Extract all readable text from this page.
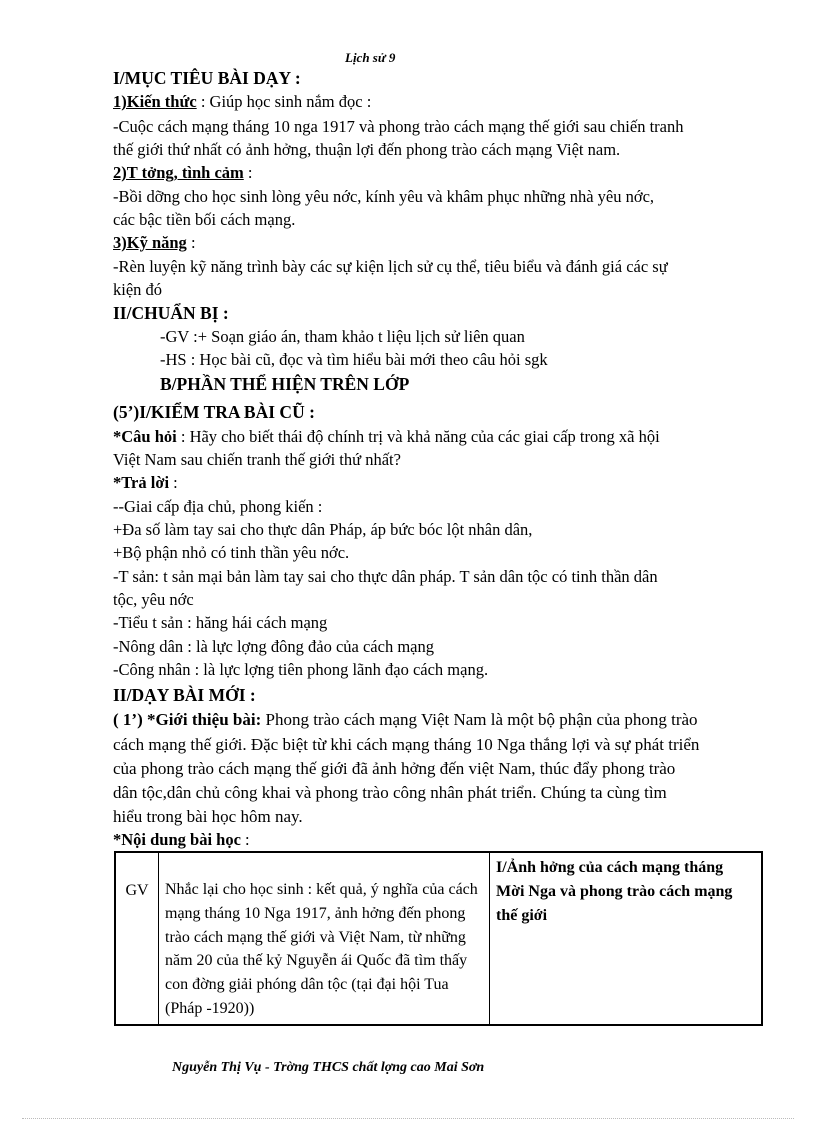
Lịch sử 9
I/MỤC TIÊU BÀI DẠY :
1)Kiến thức : Giúp học sinh nắm đọc :
-Cuộc cách mạng tháng 10 nga 1917 và phong trào cách mạng thế giới sau chiến tranh
thế giới thứ nhất có ảnh hởng, thuận lợi đến phong trào cách mạng Việt nam.
2)T tởng, tình cảm :
-Bồi dỡng cho học sinh lòng yêu nớc, kính yêu và khâm phục những nhà yêu nớc,
các bậc tiền bối cách mạng.
3)Kỹ năng :
-Rèn luyện kỹ năng trình bày các sự kiện lịch sử cụ thể, tiêu biểu và đánh giá các sự
kiện đó
II/CHUẨN BỊ :
-GV :+ Soạn giáo án, tham khảo t liệu lịch sử liên quan
-HS : Học bài cũ, đọc và tìm hiểu bài mới theo câu hỏi sgk
B/PHẦN THỂ HIỆN TRÊN LỚP
(5’)I/KIỂM TRA BÀI CŨ :
*Câu hỏi : Hãy cho biết thái độ chính trị và khả năng của các giai cấp trong xã hội
Việt Nam sau chiến tranh thế giới thứ nhất?
*Trả lời :
--Giai cấp địa chủ, phong kiến :
+Đa số làm tay sai cho thực dân Pháp, áp bức bóc lột nhân dân,
+Bộ phận nhỏ có tinh thần yêu nớc.
-T sản: t sản mại bản làm tay sai cho thực dân pháp. T sản dân tộc có tinh thần dân
tộc, yêu nớc
-Tiểu t sản : hăng hái cách mạng
-Nông dân : là lực lợng đông đảo của cách mạng
-Công nhân : là lực lợng tiên phong lãnh đạo cách mạng.
II/DẠY BÀI MỚI :
( 1’) *Giới thiệu bài: Phong trào cách mạng Việt Nam là một bộ phận của phong trào
cách mạng thế giới. Đặc biệt từ khi cách mạng tháng 10 Nga thắng lợi và sự phát triển
của phong trào cách mạng thế giới đã ảnh hởng đến việt Nam, thúc đẩy phong trào
dân tộc,dân chủ công khai và phong trào công nhân phát triển. Chúng ta cùng tìm
hiểu trong bài học hôm nay.
*Nội dung bài học :
GV	Nhắc lại cho học sinh : kết quả, ý nghĩa của cách mạng tháng 10 Nga 1917, ảnh hởng đến phong trào cách mạng thế giới và Việt Nam, từ những năm 20 của thế kỷ Nguyễn ái Quốc đã tìm thấy con đờng giải phóng dân tộc (tại đại hội Tua (Pháp -1920))	I/Ảnh hởng của cách mạng tháng Mời Nga và phong trào cách mạng thế giới
Nguyễn Thị Vụ - Trờng THCS chất lợng cao Mai Sơn
